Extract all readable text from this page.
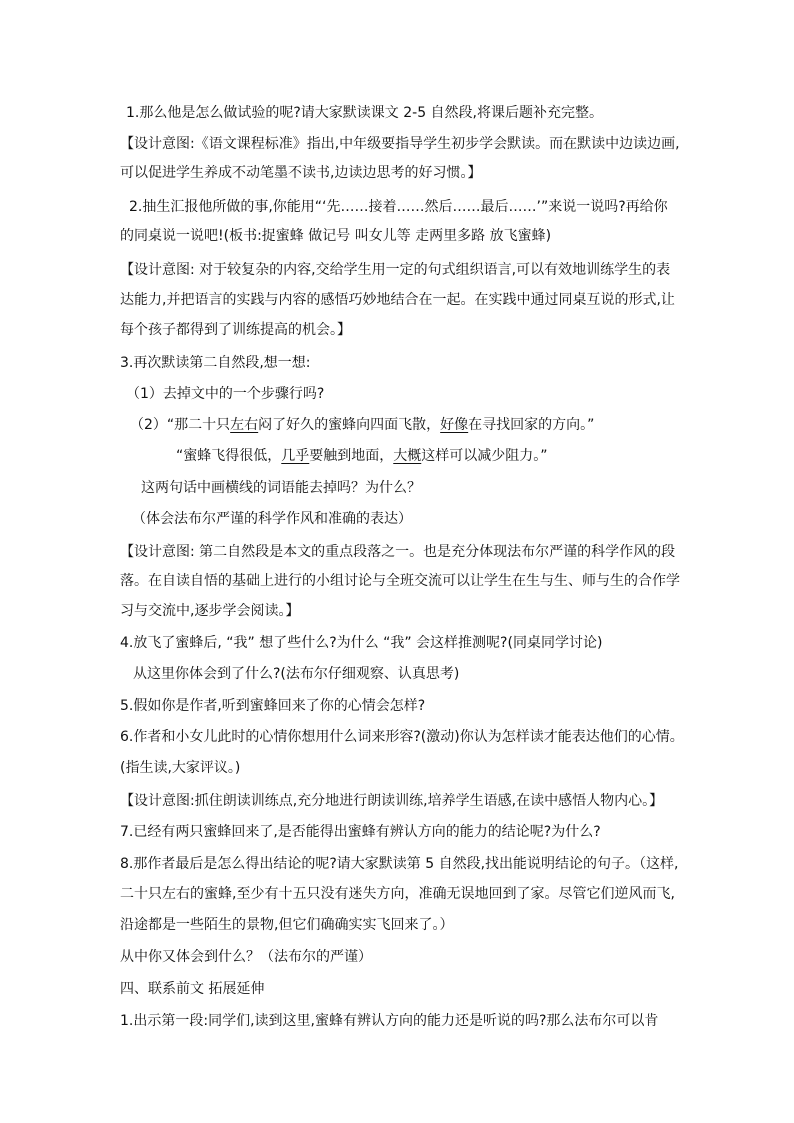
1.那么他是怎么做试验的呢?请大家默读课文 2-5 自然段,将课后题补充完整。
【设计意图:《语文课程标准》指出,中年级要指导学生初步学会默读。而在默读中边读边画,
可以促进学生养成不动笔墨不读书,边读边思考的好习惯。】
2.抽生汇报他所做的事,你能用“‘先……接着……然后……最后……’”来说一说吗?再给你
的同桌说一说吧!(板书:捉蜜蜂 做记号 叫女儿等 走两里多路 放飞蜜蜂)
【设计意图: 对于较复杂的内容,交给学生用一定的句式组织语言,可以有效地训练学生的表
达能力,并把语言的实践与内容的感悟巧妙地结合在一起。在实践中通过同桌互说的形式,让
每个孩子都得到了训练提高的机会。】
3.再次默读第二自然段,想一想:
（1）去掉文中的一个步骤行吗?
（2）“那二十只左右闷了好久的蜜蜂向四面飞散，好像在寻找回家的方向。”
“蜜蜂飞得很低，几乎要触到地面，大概这样可以减少阻力。”
这两句话中画横线的词语能去掉吗？为什么？
（体会法布尔严谨的科学作风和准确的表达）
【设计意图: 第二自然段是本文的重点段落之一。也是充分体现法布尔严谨的科学作风的段
落。在自读自悟的基础上进行的小组讨论与全班交流可以让学生在生与生、师与生的合作学
习与交流中,逐步学会阅读。】
4.放飞了蜜蜂后, “我” 想了些什么?为什么 “我” 会这样推测呢?(同桌同学讨论)
从这里你体会到了什么?(法布尔仔细观察、认真思考)
5.假如你是作者,听到蜜蜂回来了你的心情会怎样?
6.作者和小女儿此时的心情你想用什么词来形容?(激动)你认为怎样读才能表达他们的心情。
(指生读,大家评议。)
【设计意图:抓住朗读训练点,充分地进行朗读训练,培养学生语感,在读中感悟人物内心。】
7.已经有两只蜜蜂回来了,是否能得出蜜蜂有辨认方向的能力的结论呢?为什么?
8.那作者最后是怎么得出结论的呢?请大家默读第 5 自然段,找出能说明结论的句子。（这样,
二十只左右的蜜蜂,至少有十五只没有迷失方向，准确无误地回到了家。尽管它们逆风而飞,
沿途都是一些陌生的景物,但它们确确实实飞回来了。）
从中你又体会到什么？（法布尔的严谨）
四、联系前文 拓展延伸
1.出示第一段:同学们,读到这里,蜜蜂有辨认方向的能力还是听说的吗?那么法布尔可以肯
